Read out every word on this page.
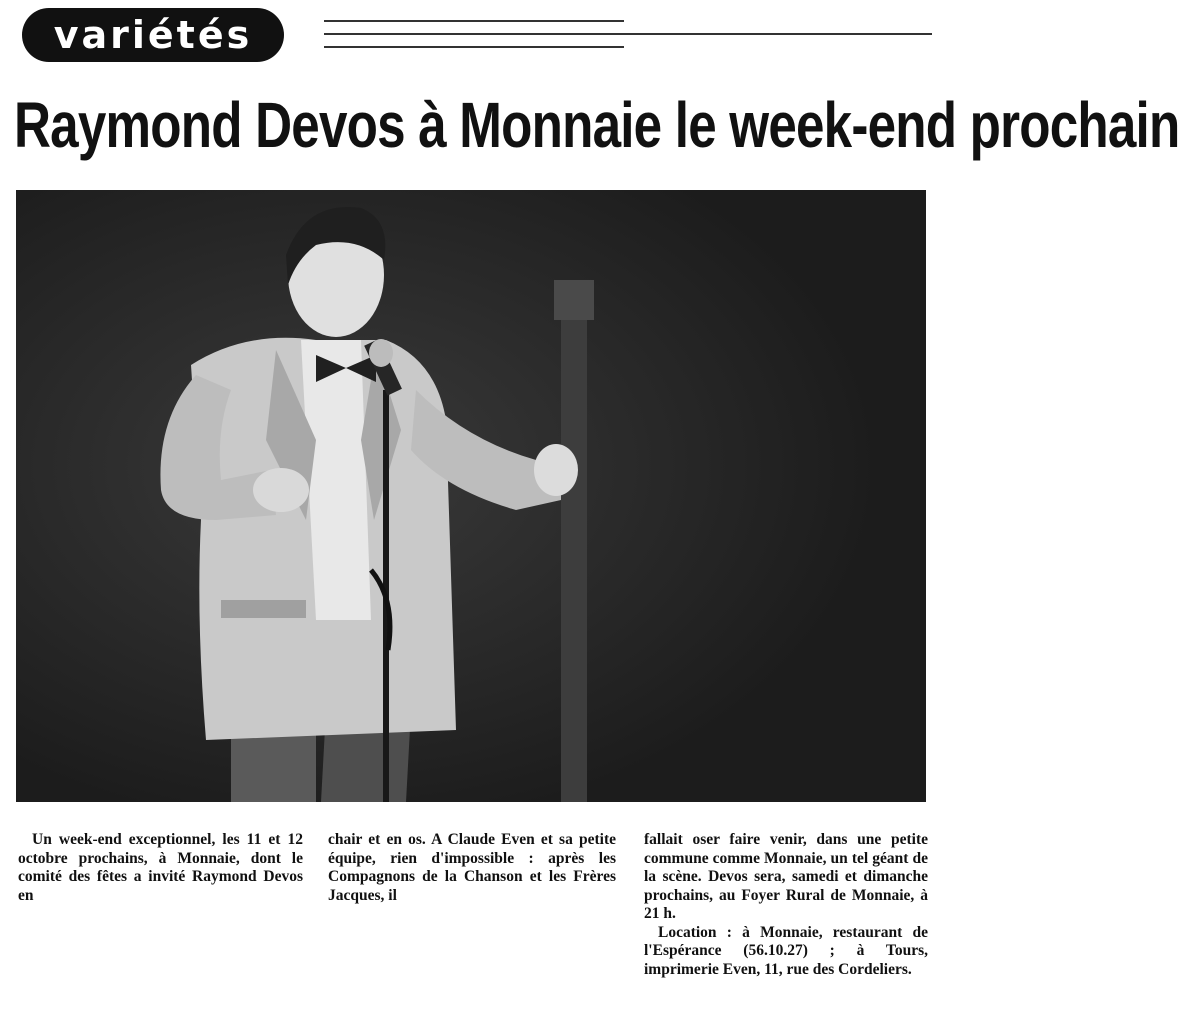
variétés
Raymond Devos à Monnaie le week-end prochain

Un week-end exceptionnel, les 11 et 12 octobre prochains, à Monnaie, dont le comité des fêtes a invité Raymond Devos en

chair et en os. A Claude Even et sa petite équipe, rien d'impossible : après les Compagnons de la Chanson et les Frères Jacques, il

fallait oser faire venir, dans une petite commune comme Monnaie, un tel géant de la scène. Devos sera, samedi et dimanche prochains, au Foyer Rural de Monnaie, à 21 h.

Location : à Monnaie, restaurant de l'Espérance (56.10.27) ; à Tours, imprimerie Even, 11, rue des Cordeliers.
